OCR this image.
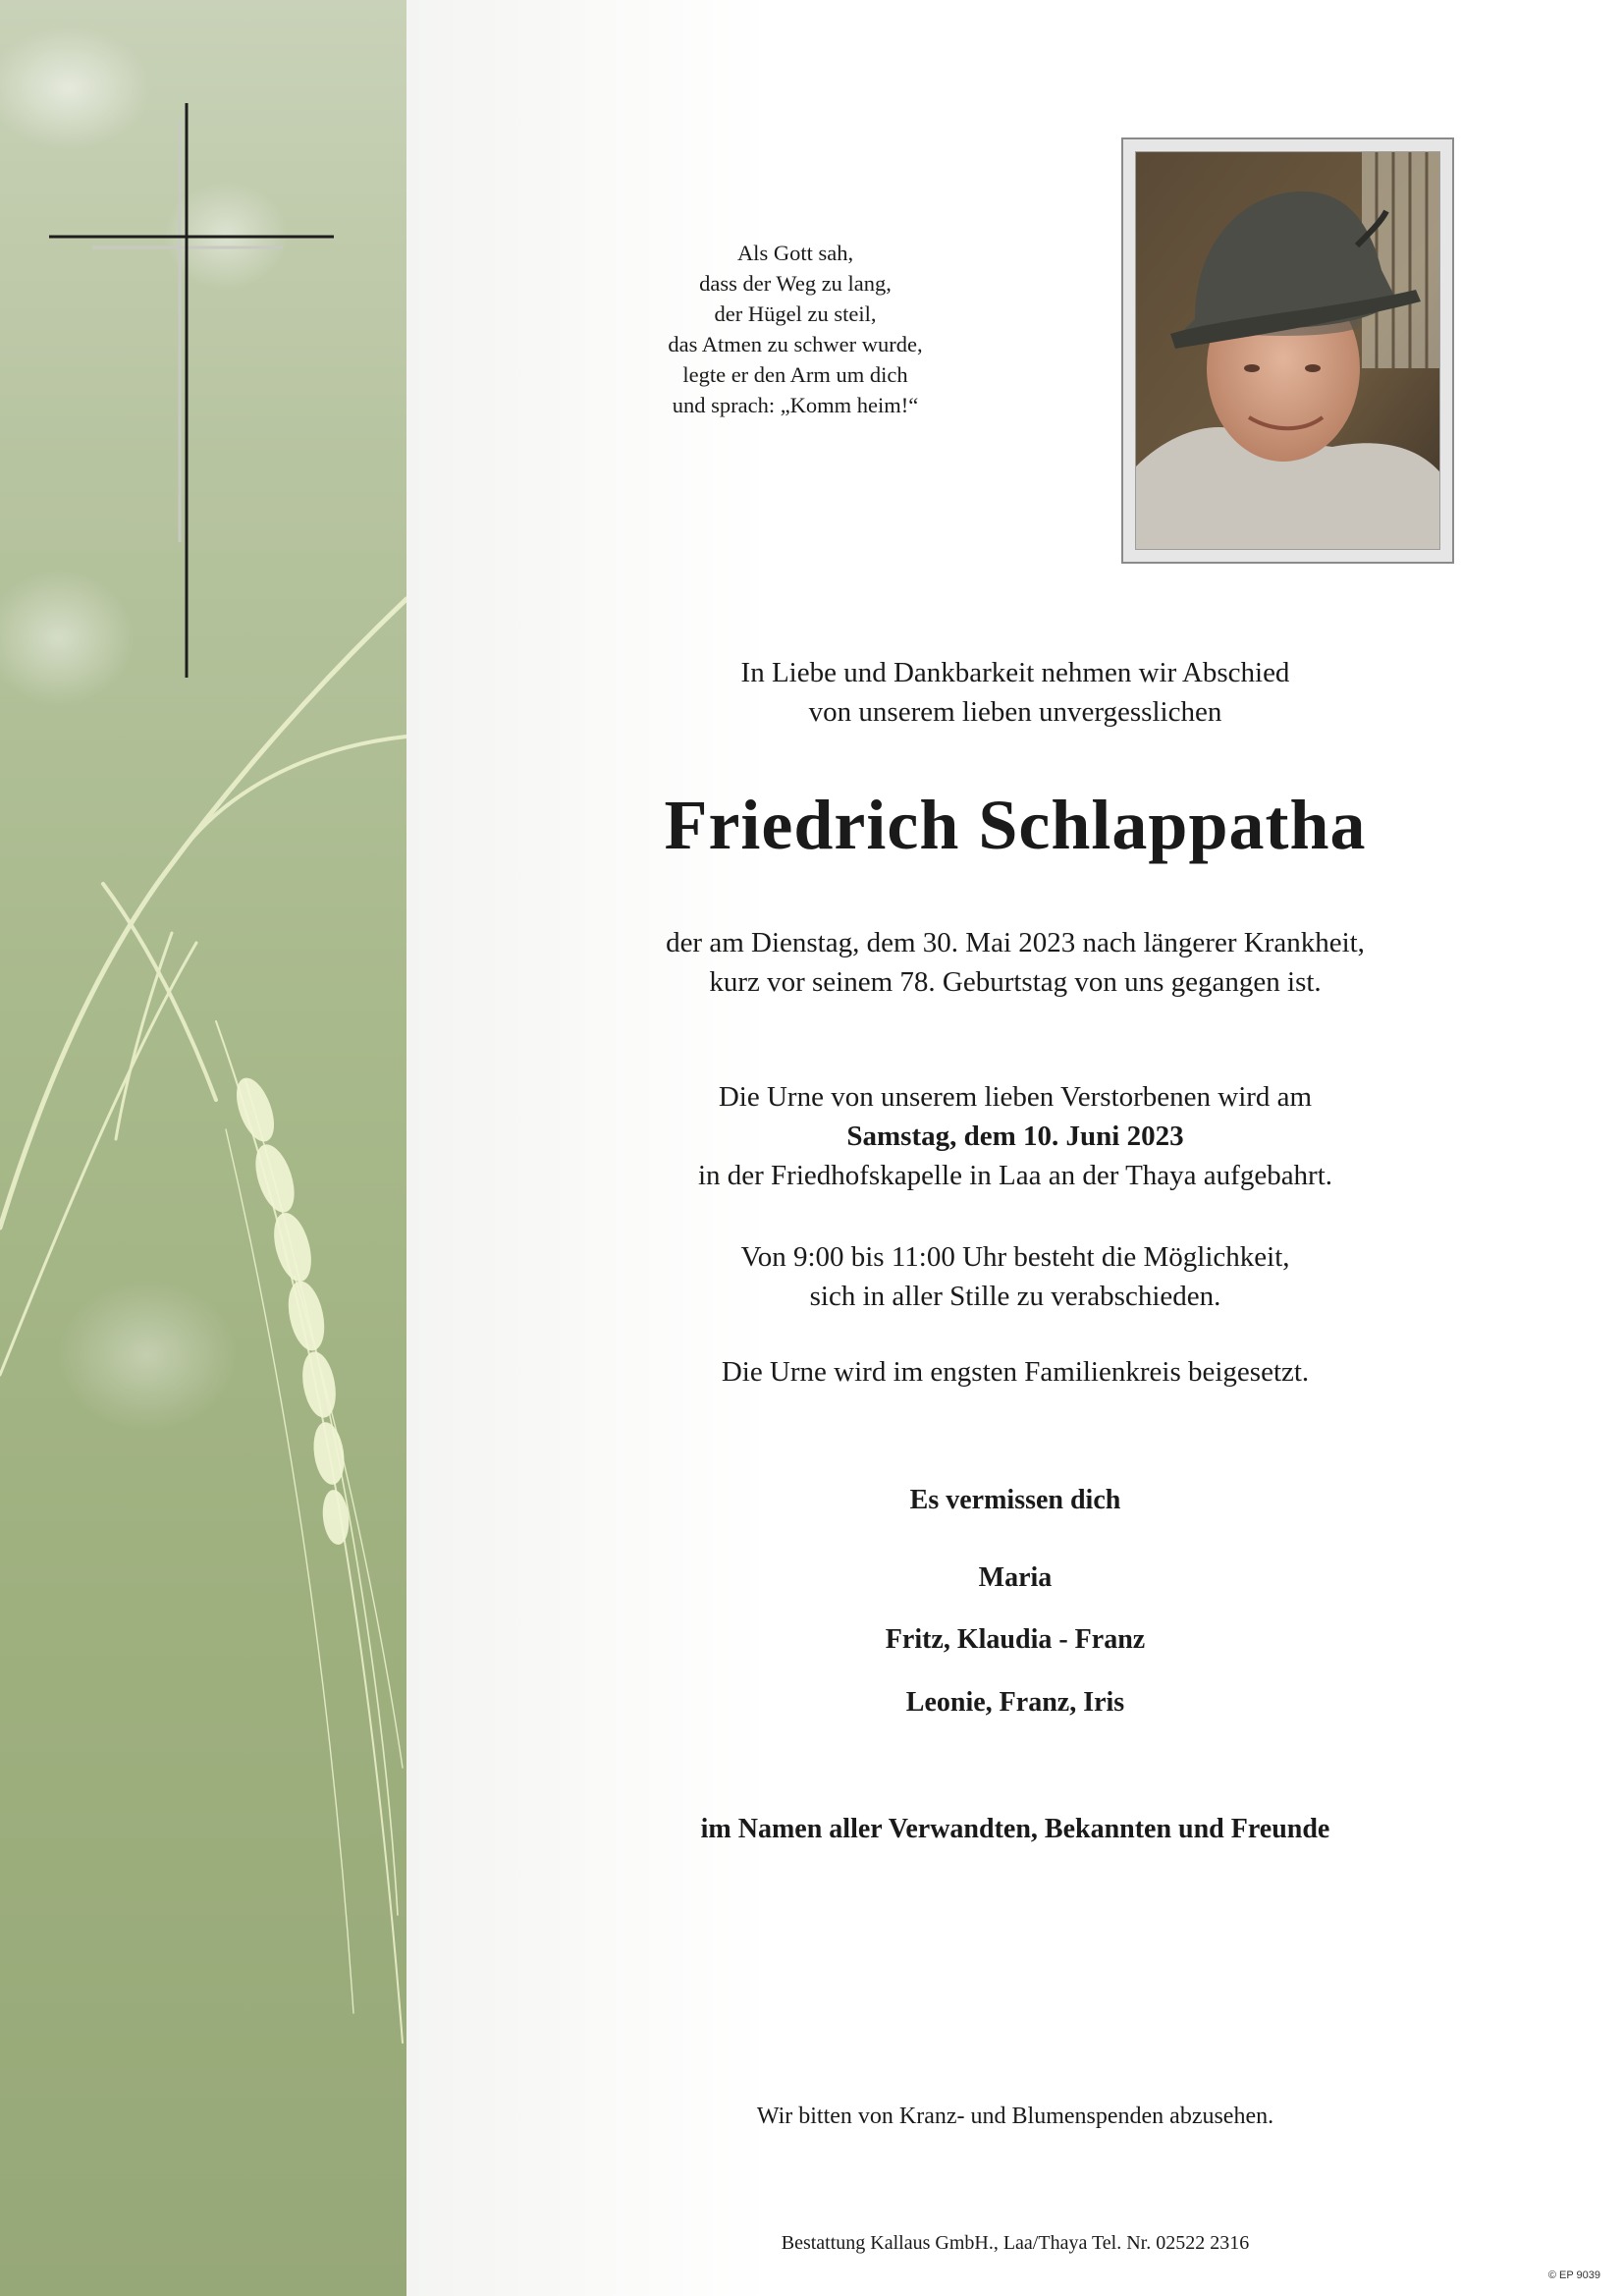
Als Gott sah,
dass der Weg zu lang,
der Hügel zu steil,
das Atmen zu schwer wurde,
legte er den Arm um dich
und sprach: „Komm heim!“
In Liebe und Dankbarkeit nehmen wir Abschied
von unserem lieben unvergesslichen
Friedrich Schlappatha
der am Dienstag, dem 30. Mai 2023 nach längerer Krankheit,
kurz vor seinem 78. Geburtstag von uns gegangen ist.
Die Urne von unserem lieben Verstorbenen wird am
Samstag, dem 10. Juni 2023
in der Friedhofskapelle in Laa an der Thaya aufgebahrt.
Von 9:00 bis 11:00 Uhr besteht die Möglichkeit,
sich in aller Stille zu verabschieden.
Die Urne wird im engsten Familienkreis beigesetzt.
Es vermissen dich
Maria
Fritz, Klaudia - Franz
Leonie, Franz, Iris
im Namen aller Verwandten, Bekannten und Freunde
Wir bitten von Kranz- und Blumenspenden abzusehen.
Bestattung Kallaus GmbH., Laa/Thaya Tel. Nr. 02522 2316
© EP 9039
